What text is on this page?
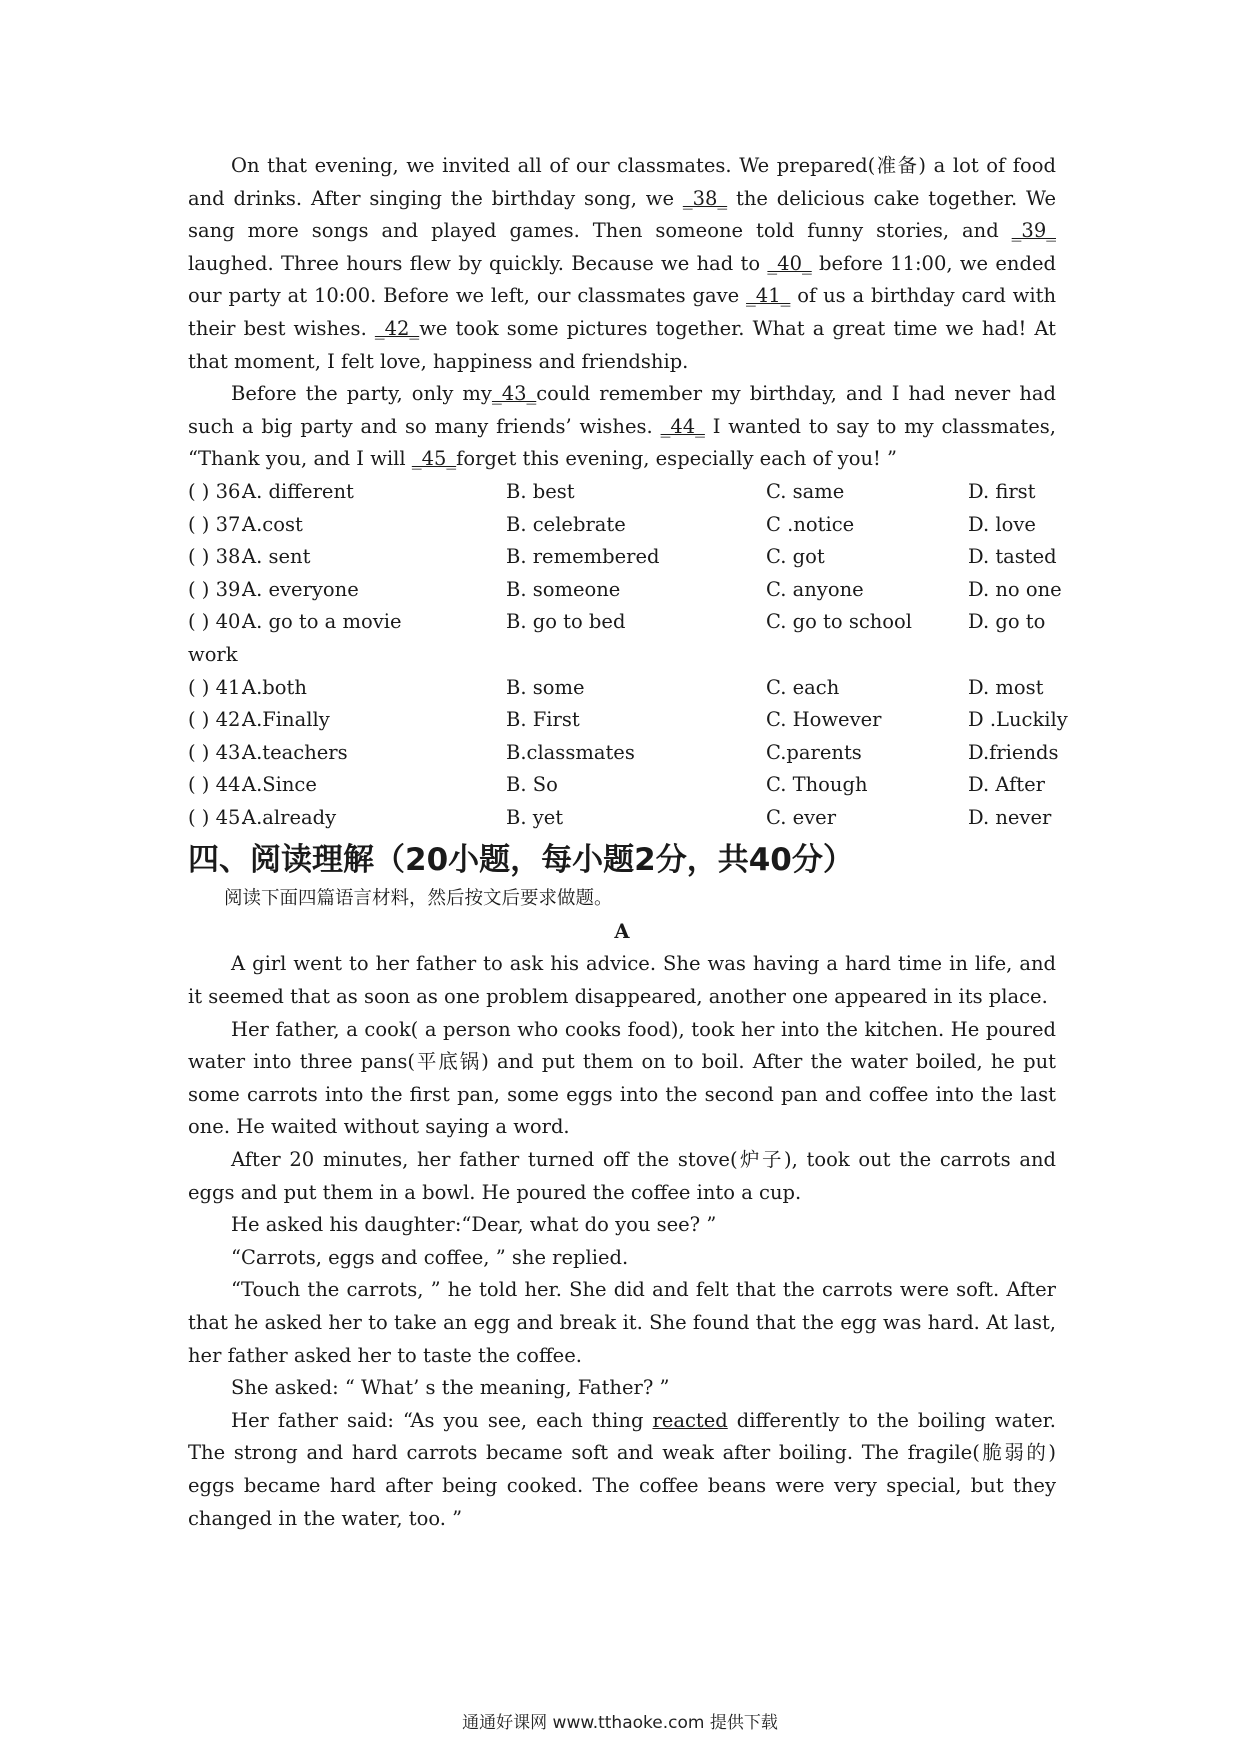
On that evening, we invited all of our classmates. We prepared(准备) a lot of food and drinks. After singing the birthday song, we _38_ the delicious cake together. We sang more songs and played games. Then someone told funny stories, and _39_ laughed. Three hours flew by quickly. Because we had to _40_ before 11:00, we ended our party at 10:00. Before we left, our classmates gave _41_ of us a birthday card with their best wishes. _42_we took some pictures together. What a great time we had! At that moment, I felt love, happiness and friendship.

Before the party, only my_43_could remember my birthday, and I had never had such a big party and so many friends’ wishes. _44_ I wanted to say to my classmates, “Thank you, and I will _45_forget this evening, especially each of you! ”

( ) 36.
A. different	B. best	C. same	D. first
( ) 37.
A.cost	B. celebrate	C .notice	D. love
( ) 38.
A. sent	B. remembered	C. got	D. tasted
( ) 39.
A. everyone	B. someone	C. anyone	D. no one
( ) 40.
A. go to a movie	B. go to bed	C. go to school	D. go to
work
( ) 41.
A.both	B. some	C. each	D. most
( ) 42.
A.Finally	B. First	C. However	D .Luckily
( ) 43.
A.teachers	B.classmates	C.parents	D.friends
( ) 44.
A.Since	B. So	C. Though	D. After
( ) 45.
A.already	B. yet	C. ever	D. never
四、阅读理解（20小题，每小题2分，共40分）

阅读下面四篇语言材料，然后按文后要求做题。

A

A girl went to her father to ask his advice. She was having a hard time in life, and it seemed that as soon as one problem disappeared, another one appeared in its place.

Her father, a cook( a person who cooks food), took her into the kitchen. He poured water into three pans(平底锅) and put them on to boil. After the water boiled, he put some carrots into the first pan, some eggs into the second pan and coffee into the last one. He waited without saying a word.

After 20 minutes, her father turned off the stove(炉子), took out the carrots and eggs and put them in a bowl. He poured the coffee into a cup.

He asked his daughter:“Dear, what do you see? ”

“Carrots, eggs and coffee, ” she replied.

“Touch the carrots, ” he told her. She did and felt that the carrots were soft. After that he asked her to take an egg and break it. She found that the egg was hard. At last, her father asked her to taste the coffee.

She asked: “ What’ s the meaning, Father? ”

Her father said: “As you see, each thing reacted differently to the boiling water. The strong and hard carrots became soft and weak after boiling. The fragile(脆弱的) eggs became hard after being cooked. The coffee beans were very special, but they changed in the water, too. ”

通通好课网 www.tthaoke.com 提供下载
